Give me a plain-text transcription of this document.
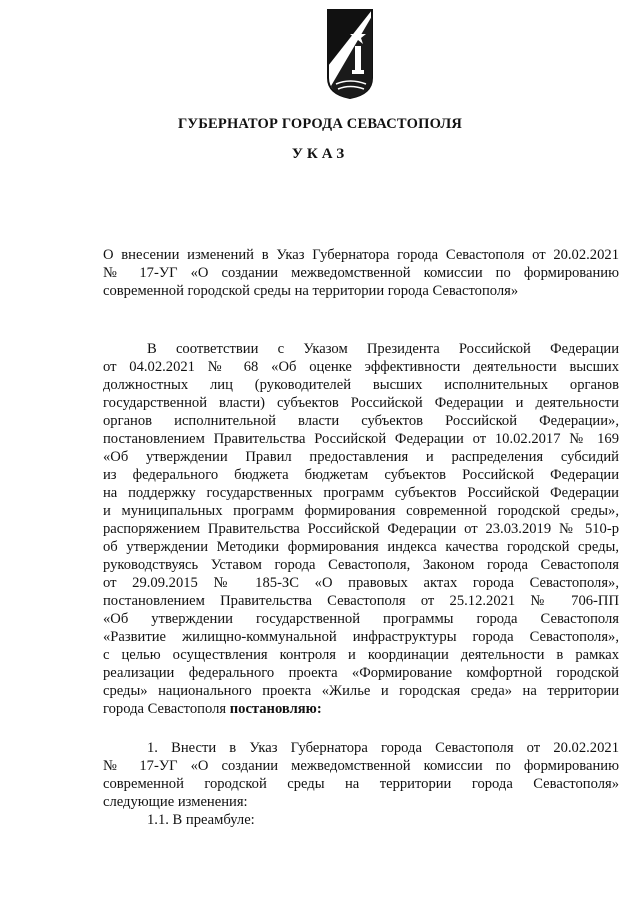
ГУБЕРНАТОР ГОРОДА СЕВАСТОПОЛЯ
УКАЗ
О внесении изменений в Указ Губернатора города Севастополя от 20.02.2021
№ 17-УГ «О создании межведомственной комиссии по формированию
современной городской среды на территории города Севастополя»
В соответствии с Указом Президента Российской Федерации
от 04.02.2021 № 68 «Об оценке эффективности деятельности высших
должностных лиц (руководителей высших исполнительных органов
государственной власти) субъектов Российской Федерации и деятельности
органов исполнительной власти субъектов Российской Федерации»,
постановлением Правительства Российской Федерации от 10.02.2017 № 169
«Об утверждении Правил предоставления и распределения субсидий
из федерального бюджета бюджетам субъектов Российской Федерации
на поддержку государственных программ субъектов Российской Федерации
и муниципальных программ формирования современной городской среды»,
распоряжением Правительства Российской Федерации от 23.03.2019 № 510-р
об утверждении Методики формирования индекса качества городской среды,
руководствуясь Уставом города Севастополя, Законом города Севастополя
от 29.09.2015 № 185-ЗС «О правовых актах города Севастополя»,
постановлением Правительства Севастополя от 25.12.2021 № 706-ПП
«Об утверждении государственной программы города Севастополя
«Развитие жилищно-коммунальной инфраструктуры города Севастополя»,
с целью осуществления контроля и координации деятельности в рамках
реализации федерального проекта «Формирование комфортной городской
среды» национального проекта «Жилье и городская среда» на территории
города Севастополя постановляю:
1. Внести в Указ Губернатора города Севастополя от 20.02.2021
№ 17-УГ «О создании межведомственной комиссии по формированию
современной городской среды на территории города Севастополя»
следующие изменения:
1.1. В преамбуле:
